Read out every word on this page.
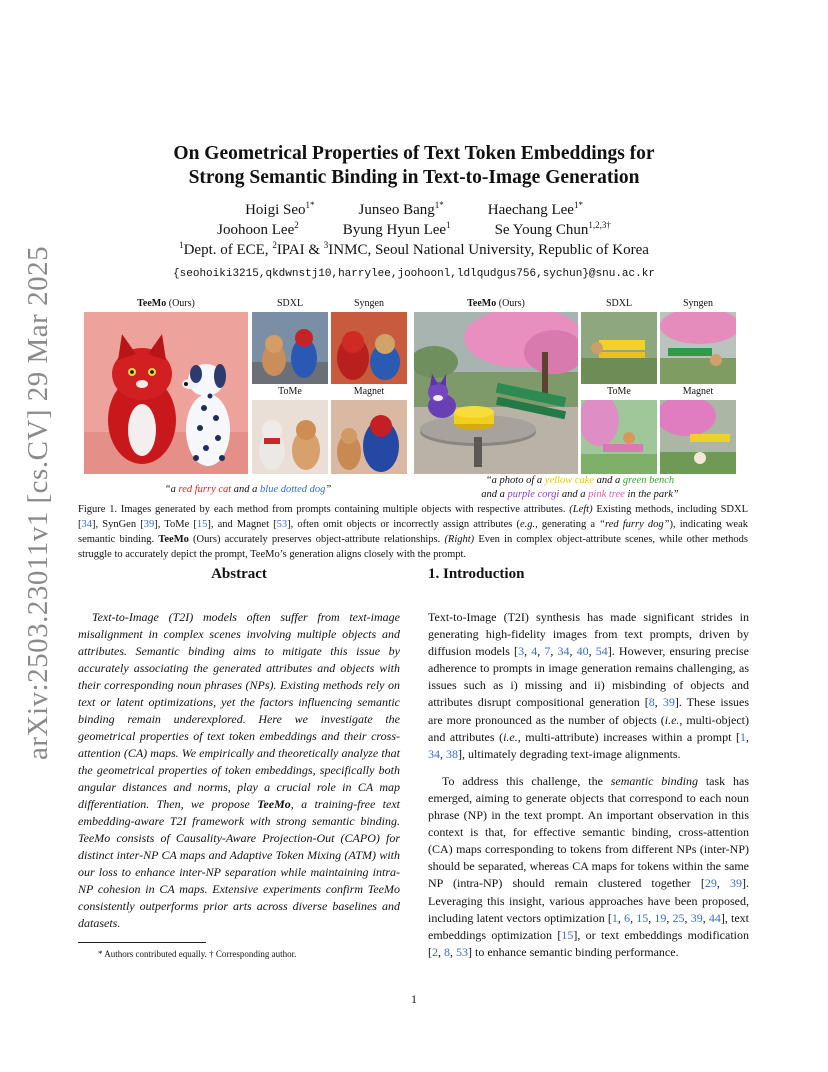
arXiv:2503.23011v1 [cs.CV] 29 Mar 2025
On Geometrical Properties of Text Token Embeddings for
Strong Semantic Binding in Text-to-Image Generation
Hoigi Seo$^{1*}$	Junseo Bang$^{1*}$	Haechang Lee$^{1*}$
Joohoon Lee$^2$	Byung Hyun Lee$^1$	Se Young Chun$^{1,2,3\dagger}$
$^1$Dept. of ECE, $^2$IPAI & $^3$INMC, Seoul National University, Republic of Korea
{seohoiki3215,qkdwnstj10,harrylee,joohoonl,ldlqudgus756,sychun}@snu.ac.kr
TeeMo (Ours)	SDXL	Syngen
ToMe	Magnet
TeeMo (Ours)	SDXL	Syngen
ToMe	Magnet
“a red furry cat and a blue dotted dog”
“a photo of a yellow cake and a green bench
and a purple corgi and a pink tree in the park”
Figure 1. Images generated by each method from prompts containing multiple objects with respective attributes. (Left) Existing methods, including SDXL [34], SynGen [39], ToMe [15], and Magnet [53], often omit objects or incorrectly assign attributes (e.g., generating a “red furry dog”), indicating weak semantic binding. TeeMo (Ours) accurately preserves object-attribute relationships. (Right) Even in complex object-attribute scenes, while other methods struggle to accurately depict the prompt, TeeMo’s generation aligns closely with the prompt.
Abstract
Text-to-Image (T2I) models often suffer from text-image misalignment in complex scenes involving multiple objects and attributes. Semantic binding aims to mitigate this issue by accurately associating the generated attributes and objects with their corresponding noun phrases (NPs). Existing methods rely on text or latent optimizations, yet the factors influencing semantic binding remain underexplored. Here we investigate the geometrical properties of text token embeddings and their cross-attention (CA) maps. We empirically and theoretically analyze that the geometrical properties of token embeddings, specifically both angular distances and norms, play a crucial role in CA map differentiation. Then, we propose TeeMo, a training-free text embedding-aware T2I framework with strong semantic binding. TeeMo consists of Causality-Aware Projection-Out (CAPO) for distinct inter-NP CA maps and Adaptive Token Mixing (ATM) with our loss to enhance inter-NP separation while maintaining intra-NP cohesion in CA maps. Extensive experiments confirm TeeMo consistently outperforms prior arts across diverse baselines and datasets.
* Authors contributed equally. † Corresponding author.
1. Introduction
Text-to-Image (T2I) synthesis has made significant strides in generating high-fidelity images from text prompts, driven by diffusion models [3, 4, 7, 34, 40, 54]. However, ensuring precise adherence to prompts in image generation remains challenging, as issues such as i) missing and ii) misbinding of objects and attributes disrupt compositional generation [8, 39]. These issues are more pronounced as the number of objects (i.e., multi-object) and attributes (i.e., multi-attribute) increases within a prompt [1, 34, 38], ultimately degrading text-image alignments.
To address this challenge, the semantic binding task has emerged, aiming to generate objects that correspond to each noun phrase (NP) in the text prompt. An important observation in this context is that, for effective semantic binding, cross-attention (CA) maps corresponding to tokens from different NPs (inter-NP) should be separated, whereas CA maps for tokens within the same NP (intra-NP) should remain clustered together [29, 39]. Leveraging this insight, various approaches have been proposed, including latent vectors optimization [1, 6, 15, 19, 25, 39, 44], text embeddings optimization [15], or text embeddings modification [2, 8, 53] to enhance semantic binding performance.
1
